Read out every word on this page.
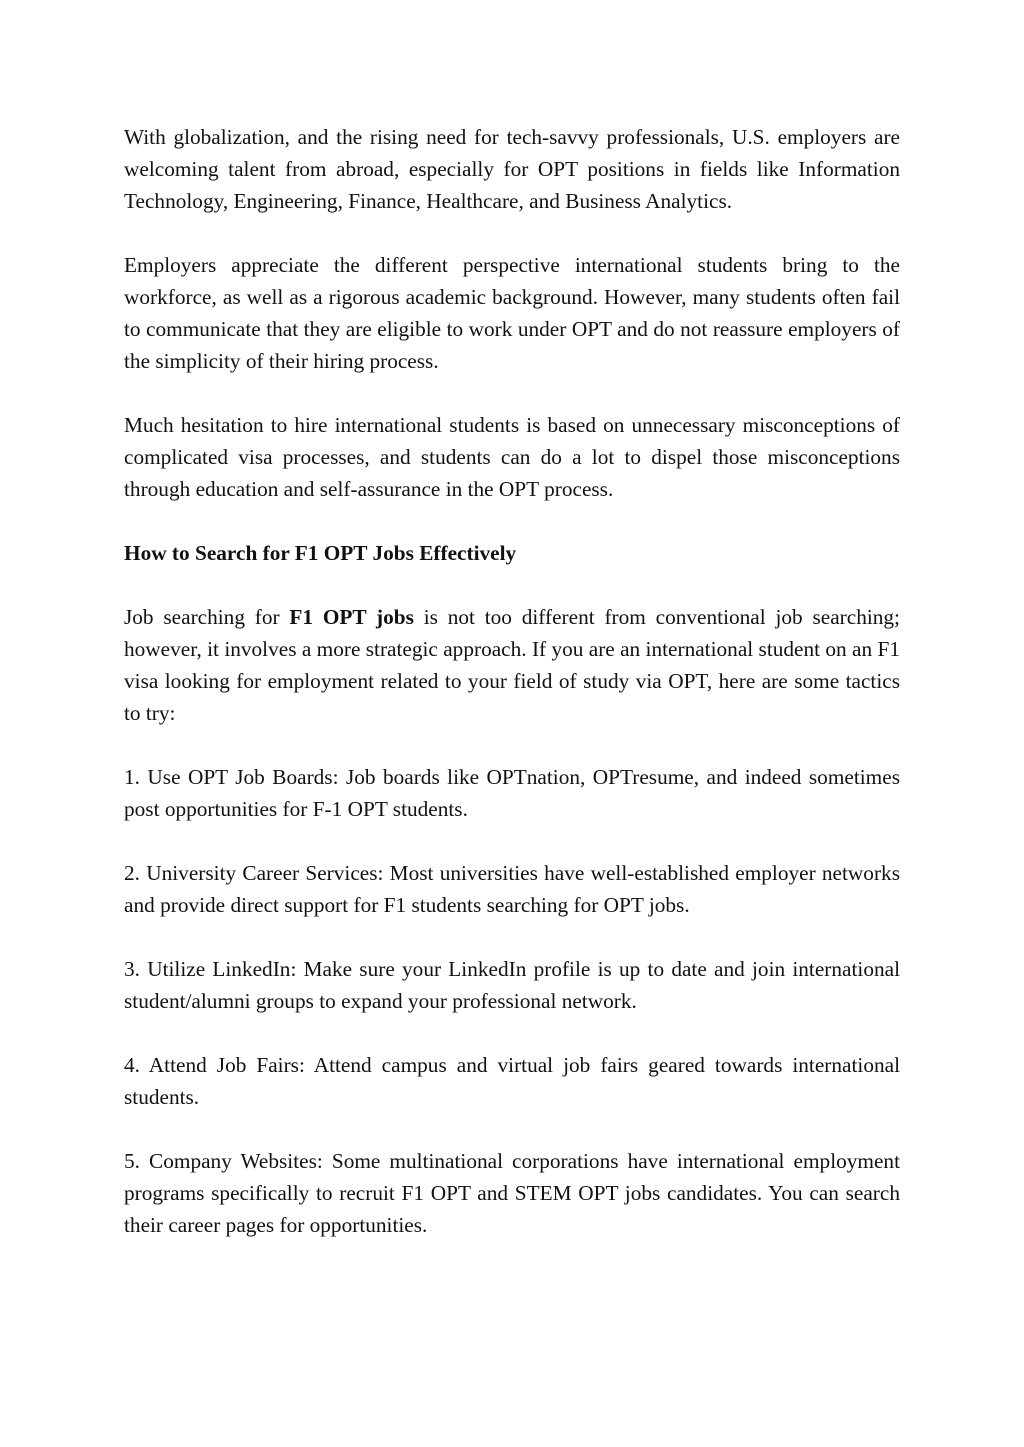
With globalization, and the rising need for tech-savvy professionals, U.S. employers are welcoming talent from abroad, especially for OPT positions in fields like Information Technology, Engineering, Finance, Healthcare, and Business Analytics.

Employers appreciate the different perspective international students bring to the workforce, as well as a rigorous academic background. However, many students often fail to communicate that they are eligible to work under OPT and do not reassure employers of the simplicity of their hiring process.

Much hesitation to hire international students is based on unnecessary misconceptions of complicated visa processes, and students can do a lot to dispel those misconceptions through education and self-assurance in the OPT process.

How to Search for F1 OPT Jobs Effectively

Job searching for F1 OPT jobs is not too different from conventional job searching; however, it involves a more strategic approach. If you are an international student on an F1 visa looking for employment related to your field of study via OPT, here are some tactics to try:

1. Use OPT Job Boards: Job boards like OPTnation, OPTresume, and indeed sometimes post opportunities for F-1 OPT students.

2. University Career Services: Most universities have well-established employer networks and provide direct support for F1 students searching for OPT jobs.

3. Utilize LinkedIn: Make sure your LinkedIn profile is up to date and join international student/alumni groups to expand your professional network.

4. Attend Job Fairs: Attend campus and virtual job fairs geared towards international students.

5. Company Websites: Some multinational corporations have international employment programs specifically to recruit F1 OPT and STEM OPT jobs candidates. You can search their career pages for opportunities.
